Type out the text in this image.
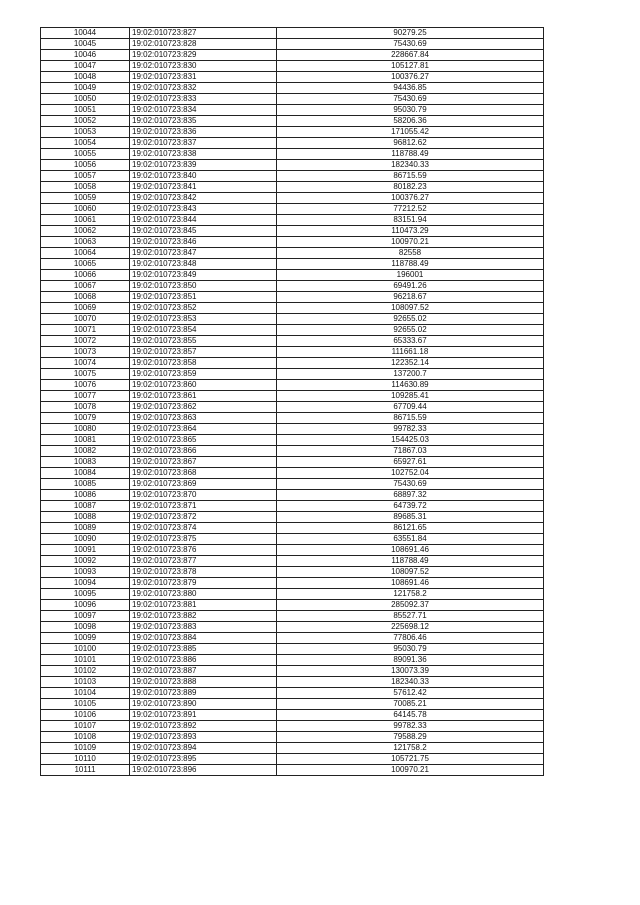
10044	19:02:010723:827	90279.25
10045	19:02:010723:828	75430.69
10046	19:02:010723:829	228667.84
10047	19:02:010723:830	105127.81
10048	19:02:010723:831	100376.27
10049	19:02:010723:832	94436.85
10050	19:02:010723:833	75430.69
10051	19:02:010723:834	95030.79
10052	19:02:010723:835	58206.36
10053	19:02:010723:836	171055.42
10054	19:02:010723:837	96812.62
10055	19:02:010723:838	118788.49
10056	19:02:010723:839	182340.33
10057	19:02:010723:840	86715.59
10058	19:02:010723:841	80182.23
10059	19:02:010723:842	100376.27
10060	19:02:010723:843	77212.52
10061	19:02:010723:844	83151.94
10062	19:02:010723:845	110473.29
10063	19:02:010723:846	100970.21
10064	19:02:010723:847	82558
10065	19:02:010723:848	118788.49
10066	19:02:010723:849	196001
10067	19:02:010723:850	69491.26
10068	19:02:010723:851	96218.67
10069	19:02:010723:852	108097.52
10070	19:02:010723:853	92655.02
10071	19:02:010723:854	92655.02
10072	19:02:010723:855	65333.67
10073	19:02:010723:857	111661.18
10074	19:02:010723:858	122352.14
10075	19:02:010723:859	137200.7
10076	19:02:010723:860	114630.89
10077	19:02:010723:861	109285.41
10078	19:02:010723:862	67709.44
10079	19:02:010723:863	86715.59
10080	19:02:010723:864	99782.33
10081	19:02:010723:865	154425.03
10082	19:02:010723:866	71867.03
10083	19:02:010723:867	65927.61
10084	19:02:010723:868	102752.04
10085	19:02:010723:869	75430.69
10086	19:02:010723:870	68897.32
10087	19:02:010723:871	64739.72
10088	19:02:010723:872	89685.31
10089	19:02:010723:874	86121.65
10090	19:02:010723:875	63551.84
10091	19:02:010723:876	108691.46
10092	19:02:010723:877	118788.49
10093	19:02:010723:878	108097.52
10094	19:02:010723:879	108691.46
10095	19:02:010723:880	121758.2
10096	19:02:010723:881	285092.37
10097	19:02:010723:882	85527.71
10098	19:02:010723:883	225698.12
10099	19:02:010723:884	77806.46
10100	19:02:010723:885	95030.79
10101	19:02:010723:886	89091.36
10102	19:02:010723:887	130073.39
10103	19:02:010723:888	182340.33
10104	19:02:010723:889	57612.42
10105	19:02:010723:890	70085.21
10106	19:02:010723:891	64145.78
10107	19:02:010723:892	99782.33
10108	19:02:010723:893	79588.29
10109	19:02:010723:894	121758.2
10110	19:02:010723:895	105721.75
10111	19:02:010723:896	100970.21
